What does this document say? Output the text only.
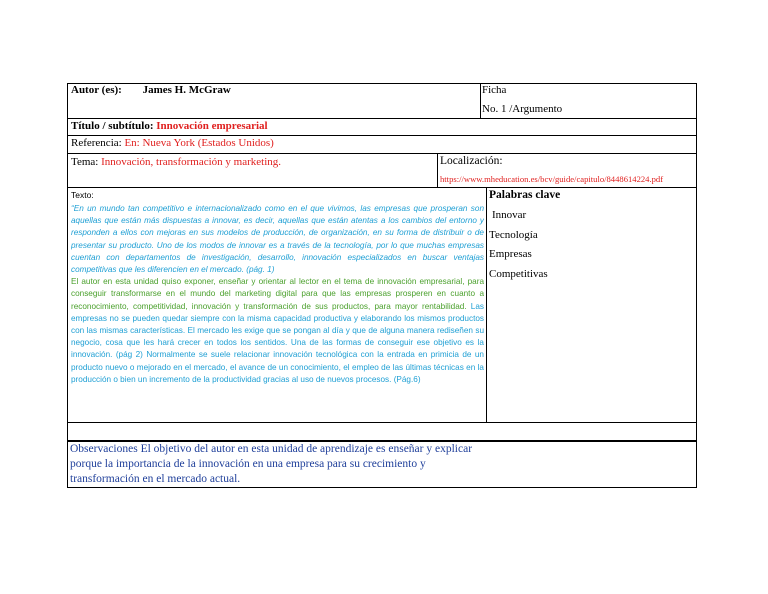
Autor (es): James H. McGraw	Ficha
No. 1 /Argumento
Título / subtítulo: Innovación empresarial
Referencia: En: Nueva York (Estados Unidos)
Tema: Innovación, transformación y marketing.	Localización:
https://www.mheducation.es/bcv/guide/capitulo/8448614224.pdf
Texto:

“En un mundo tan competitivo e internacionalizado como en el que vivimos, las empresas que prosperan son aquellas que están más dispuestas a innovar, es decir, aquellas que están atentas a los cambios del entorno y responden a ellos con mejoras en sus modelos de producción, de organización, en su forma de distribuir o de presentar su producto. Uno de los modos de innovar es a través de la tecnología, por lo que muchas empresas cuentan con departamentos de investigación, desarrollo, innovación especializados en buscar ventajas competitivas que les diferencien en el mercado. (pág. 1)

El autor en esta unidad quiso exponer, enseñar y orientar al lector en el tema de innovación empresarial, para conseguir transformarse en el mundo del marketing digital para que las empresas prosperen en cuanto a reconocimiento, competitividad, innovación y transformación de sus productos, para mayor rentabilidad. Las empresas no se pueden quedar siempre con la misma capacidad productiva y elaborando los mismos productos con las mismas características. El mercado les exige que se pongan al día y que de alguna manera rediseñen su negocio, cosa que les hará crecer en todos los sentidos. Una de las formas de conseguir ese objetivo es la innovación. (pág 2) Normalmente se suele relacionar innovación tecnológica con la entrada en primicia de un producto nuevo o mejorado en el mercado, el avance de un conocimiento, el empleo de las últimas técnicas en la producción o bien un incremento de la productividad gracias al uso de nuevos procesos. (Pág.6)

Palabras clave
Innovar
Tecnología
Empresas
Competitivas
Observaciones El objetivo del autor en esta unidad de aprendizaje es enseñar y explicar porque la importancia de la innovación en una empresa para su crecimiento y transformación en el mercado actual.
